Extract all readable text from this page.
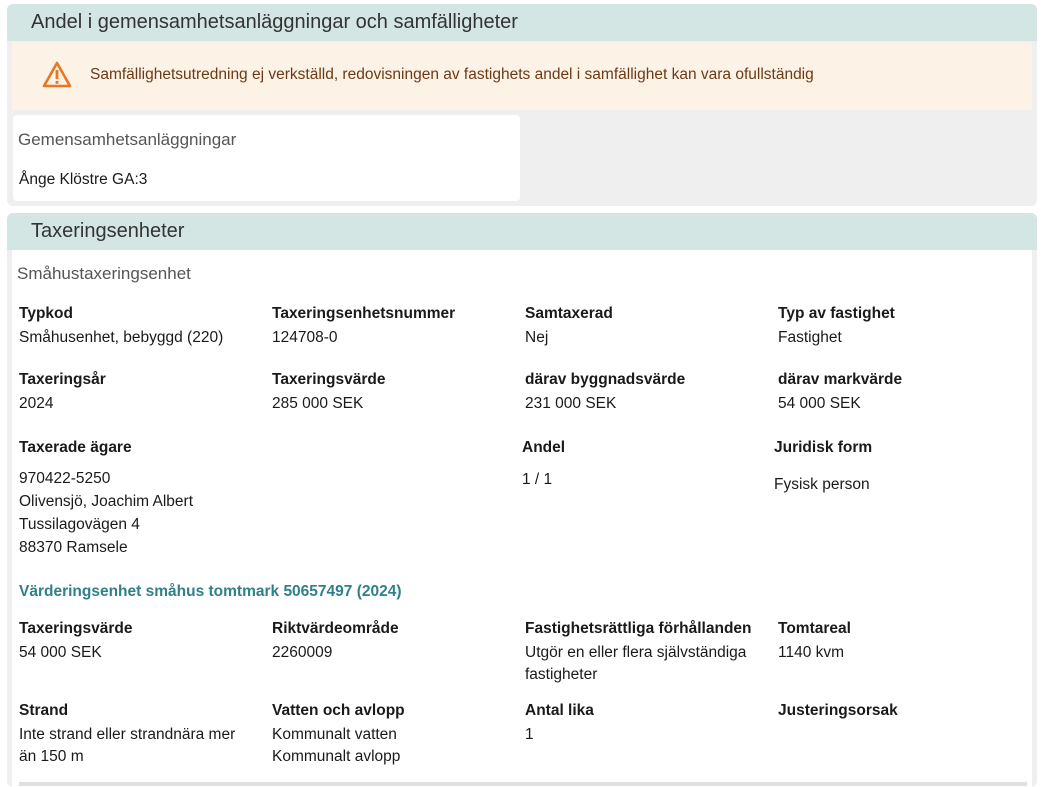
Andel i gemensamhetsanläggningar och samfälligheter
Samfällighetsutredning ej verkställd, redovisningen av fastighets andel i samfällighet kan vara ofullständig
Gemensamhetsanläggningar
Ånge Klöstre GA:3
Taxeringsenheter
Småhustaxeringsenhet
Typkod
Småhusenhet, bebyggd (220)
Taxeringsenhetsnummer
124708-0
Samtaxerad
Nej
Typ av fastighet
Fastighet
Taxeringsår
2024
Taxeringsvärde
285 000 SEK
därav byggnadsvärde
231 000 SEK
därav markvärde
54 000 SEK
Taxerade ägare
970422-5250
Olivensjö, Joachim Albert
Tussilagovägen 4
88370 Ramsele
Andel
1 / 1
Juridisk form
Fysisk person
Värderingsenhet småhus tomtmark 50657497 (2024)
Taxeringsvärde
54 000 SEK
Riktvärdeområde
2260009
Fastighetsrättliga förhållanden
Utgör en eller flera självständiga
fastigheter
Tomtareal
1140 kvm
Strand
Inte strand eller strandnära mer
än 150 m
Vatten och avlopp
Kommunalt vatten
Kommunalt avlopp
Antal lika
1
Justeringsorsak
